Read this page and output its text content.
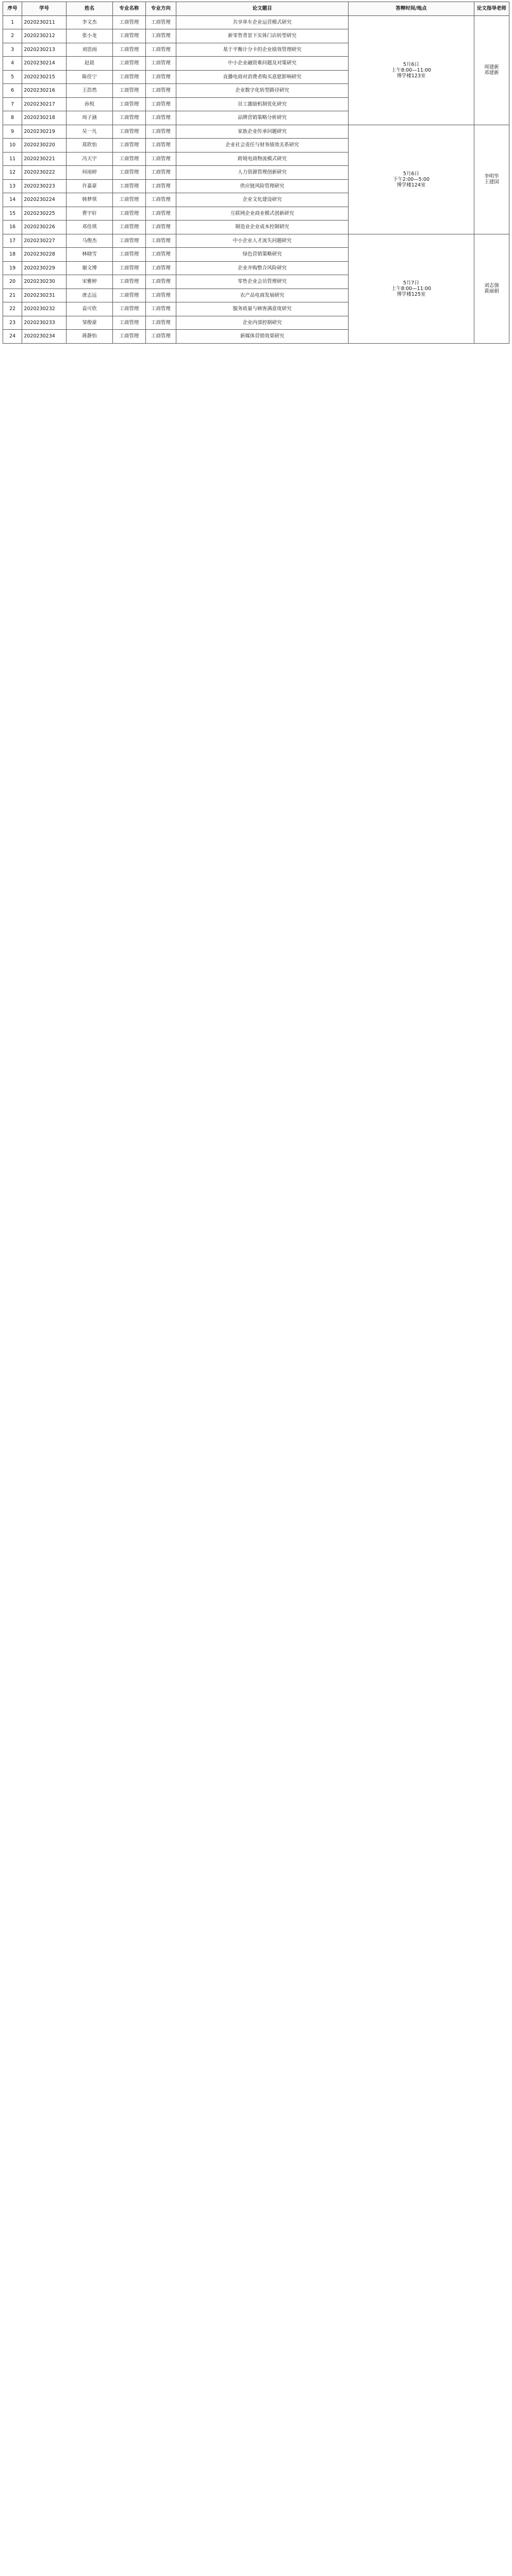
序号	学号	姓名	专业名称	专业方向	论文题目	答辩时间/地点	论文指导老师
1	2020230211	李文杰	工商管理	工商管理	共享单车企业运营模式研究	5月6日
上午8:00—11:00
博学楼123室	周建新
邓建新
2	2020230212	张小龙	工商管理	工商管理	新零售背景下实体门店转型研究		
3	2020230213	刘思雨	工商管理	工商管理	基于平衡计分卡的企业绩效管理研究		
4	2020230214	赵晨	工商管理	工商管理	中小企业融资难问题及对策研究		
5	2020230215	陈佳宁	工商管理	工商管理	直播电商对消费者购买意愿影响研究		
6	2020230216	王浩然	工商管理	工商管理	企业数字化转型路径研究		
7	2020230217	孙悦	工商管理	工商管理	员工激励机制优化研究		
8	2020230218	周子涵	工商管理	工商管理	品牌营销策略分析研究		
9	2020230219	吴一凡	工商管理	工商管理	家族企业传承问题研究	5月6日
下午2:00—5:00
博学楼124室	李明华
王建国
10	2020230220	郑欣怡	工商管理	工商管理	企业社会责任与财务绩效关系研究		
11	2020230221	冯天宇	工商管理	工商管理	跨境电商物流模式研究		
12	2020230222	何雨婷	工商管理	工商管理	人力资源管理创新研究		
13	2020230223	许嘉豪	工商管理	工商管理	供应链风险管理研究		
14	2020230224	韩梦琪	工商管理	工商管理	企业文化建设研究		
15	2020230225	曹宇轩	工商管理	工商管理	互联网企业商业模式创新研究		
16	2020230226	邓佳琪	工商管理	工商管理	制造业企业成本控制研究		
17	2020230227	马俊杰	工商管理	工商管理	中小企业人才流失问题研究	5月7日
上午8:00—11:00
博学楼125室	刘志强
黄丽娟
18	2020230228	林晓雪	工商管理	工商管理	绿色营销策略研究		
19	2020230229	谢文博	工商管理	工商管理	企业并购整合风险研究		
20	2020230230	宋雅婷	工商管理	工商管理	零售企业会员管理研究		
21	2020230231	唐志远	工商管理	工商管理	农产品电商发展研究		
22	2020230232	袁可欣	工商管理	工商管理	服务质量与顾客满意度研究		
23	2020230233	邹俊豪	工商管理	工商管理	企业内部控制研究		
24	2020230234	蒋静怡	工商管理	工商管理	新媒体营销效果研究		
